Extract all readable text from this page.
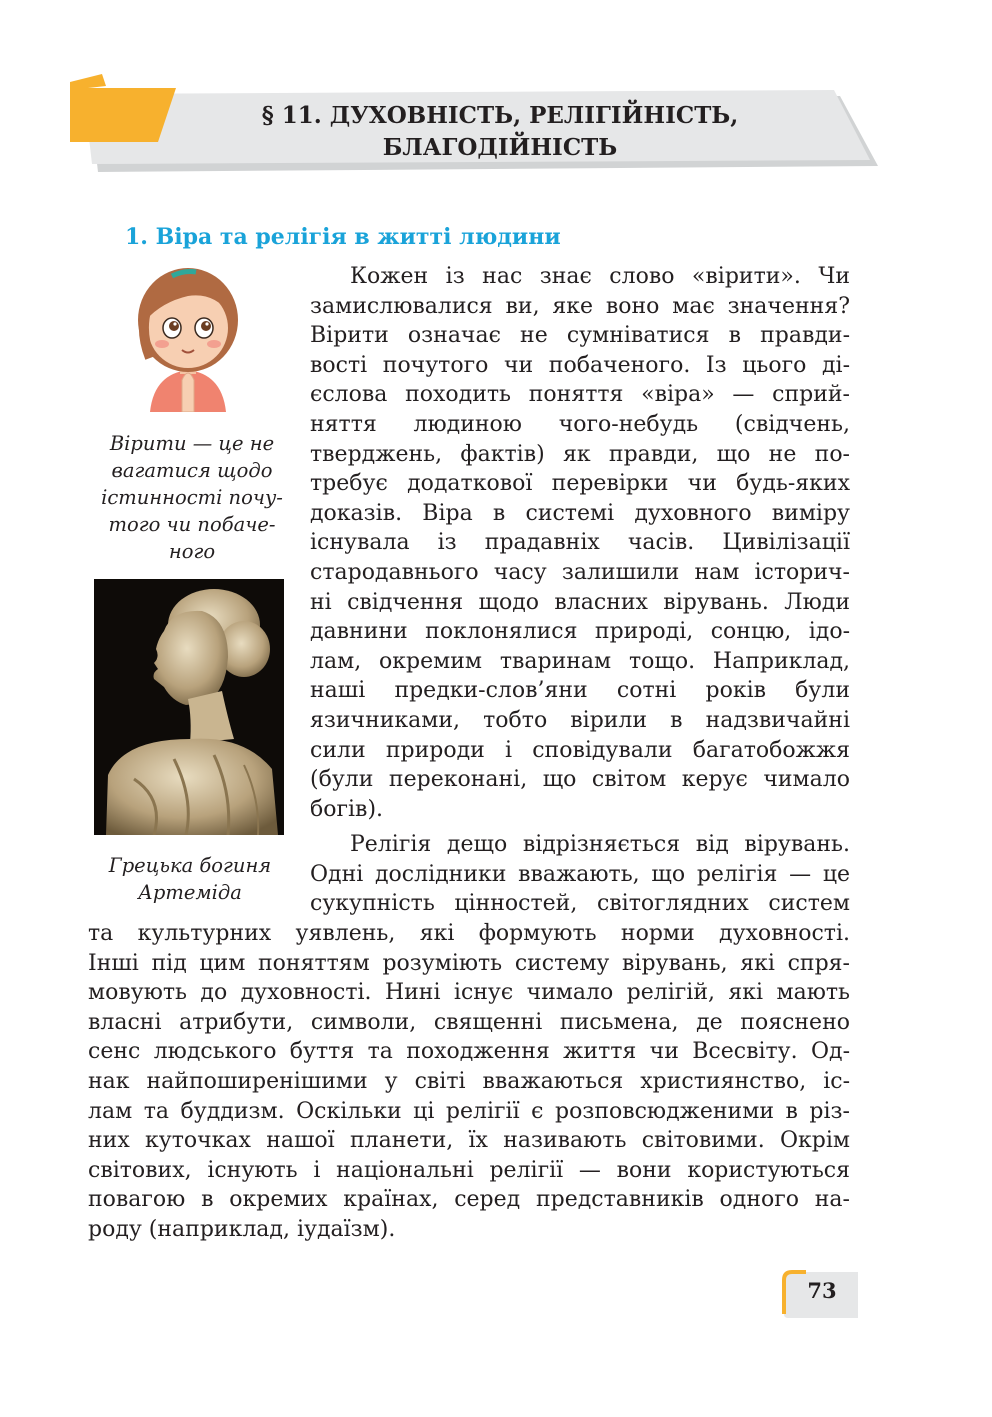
§ 11. ДУХОВНІСТЬ, РЕЛІГІЙНІСТЬ,
БЛАГОДІЙНІСТЬ
1. Віра та релігія в житті людини
Вірити — це не
вагатися щодо
істинності почу-
того чи побаче-
ного
Грецька богиня
Артеміда
Кожен із нас знає слово «вірити». Чи
замислювалися ви, яке воно має значення?
Вірити означає не сумніватися в правди-
вості почутого чи побаченого. Із цього ді-
єслова походить поняття «віра» — сприй-
няття людиною чого-небудь (свідчень,
тверджень, фактів) як правди, що не по-
требує додаткової перевірки чи будь-яких
доказів. Віра в системі духовного виміру
існувала із прадавніх часів. Цивілізації
стародавнього часу залишили нам історич-
ні свідчення щодо власних вірувань. Люди
давнини поклонялися природі, сонцю, ідо-
лам, окремим тваринам тощо. Наприклад,
наші предки-слов’яни сотні років були
язичниками, тобто вірили в надзвичайні
сили природи і сповідували багатобожжя
(були переконані, що світом керує чимало
богів).
Релігія дещо відрізняється від вірувань.
Одні дослідники вважають, що релігія — це
сукупність цінностей, світоглядних систем
та культурних уявлень, які формують норми духовності.
Інші під цим поняттям розуміють систему вірувань, які спря-
мовують до духовності. Нині існує чимало релігій, які мають
власні атрибути, символи, священні письмена, де пояснено
сенс людського буття та походження життя чи Всесвіту. Од-
нак найпоширенішими у світі вважаються християнство, іс-
лам та буддизм. Оскільки ці релігії є розповсюдженими в різ-
них куточках нашої планети, їх називають світовими. Окрім
світових, існують і національні релігії — вони користуються
повагою в окремих країнах, серед представників одного на-
роду (наприклад, іудаїзм).
73
